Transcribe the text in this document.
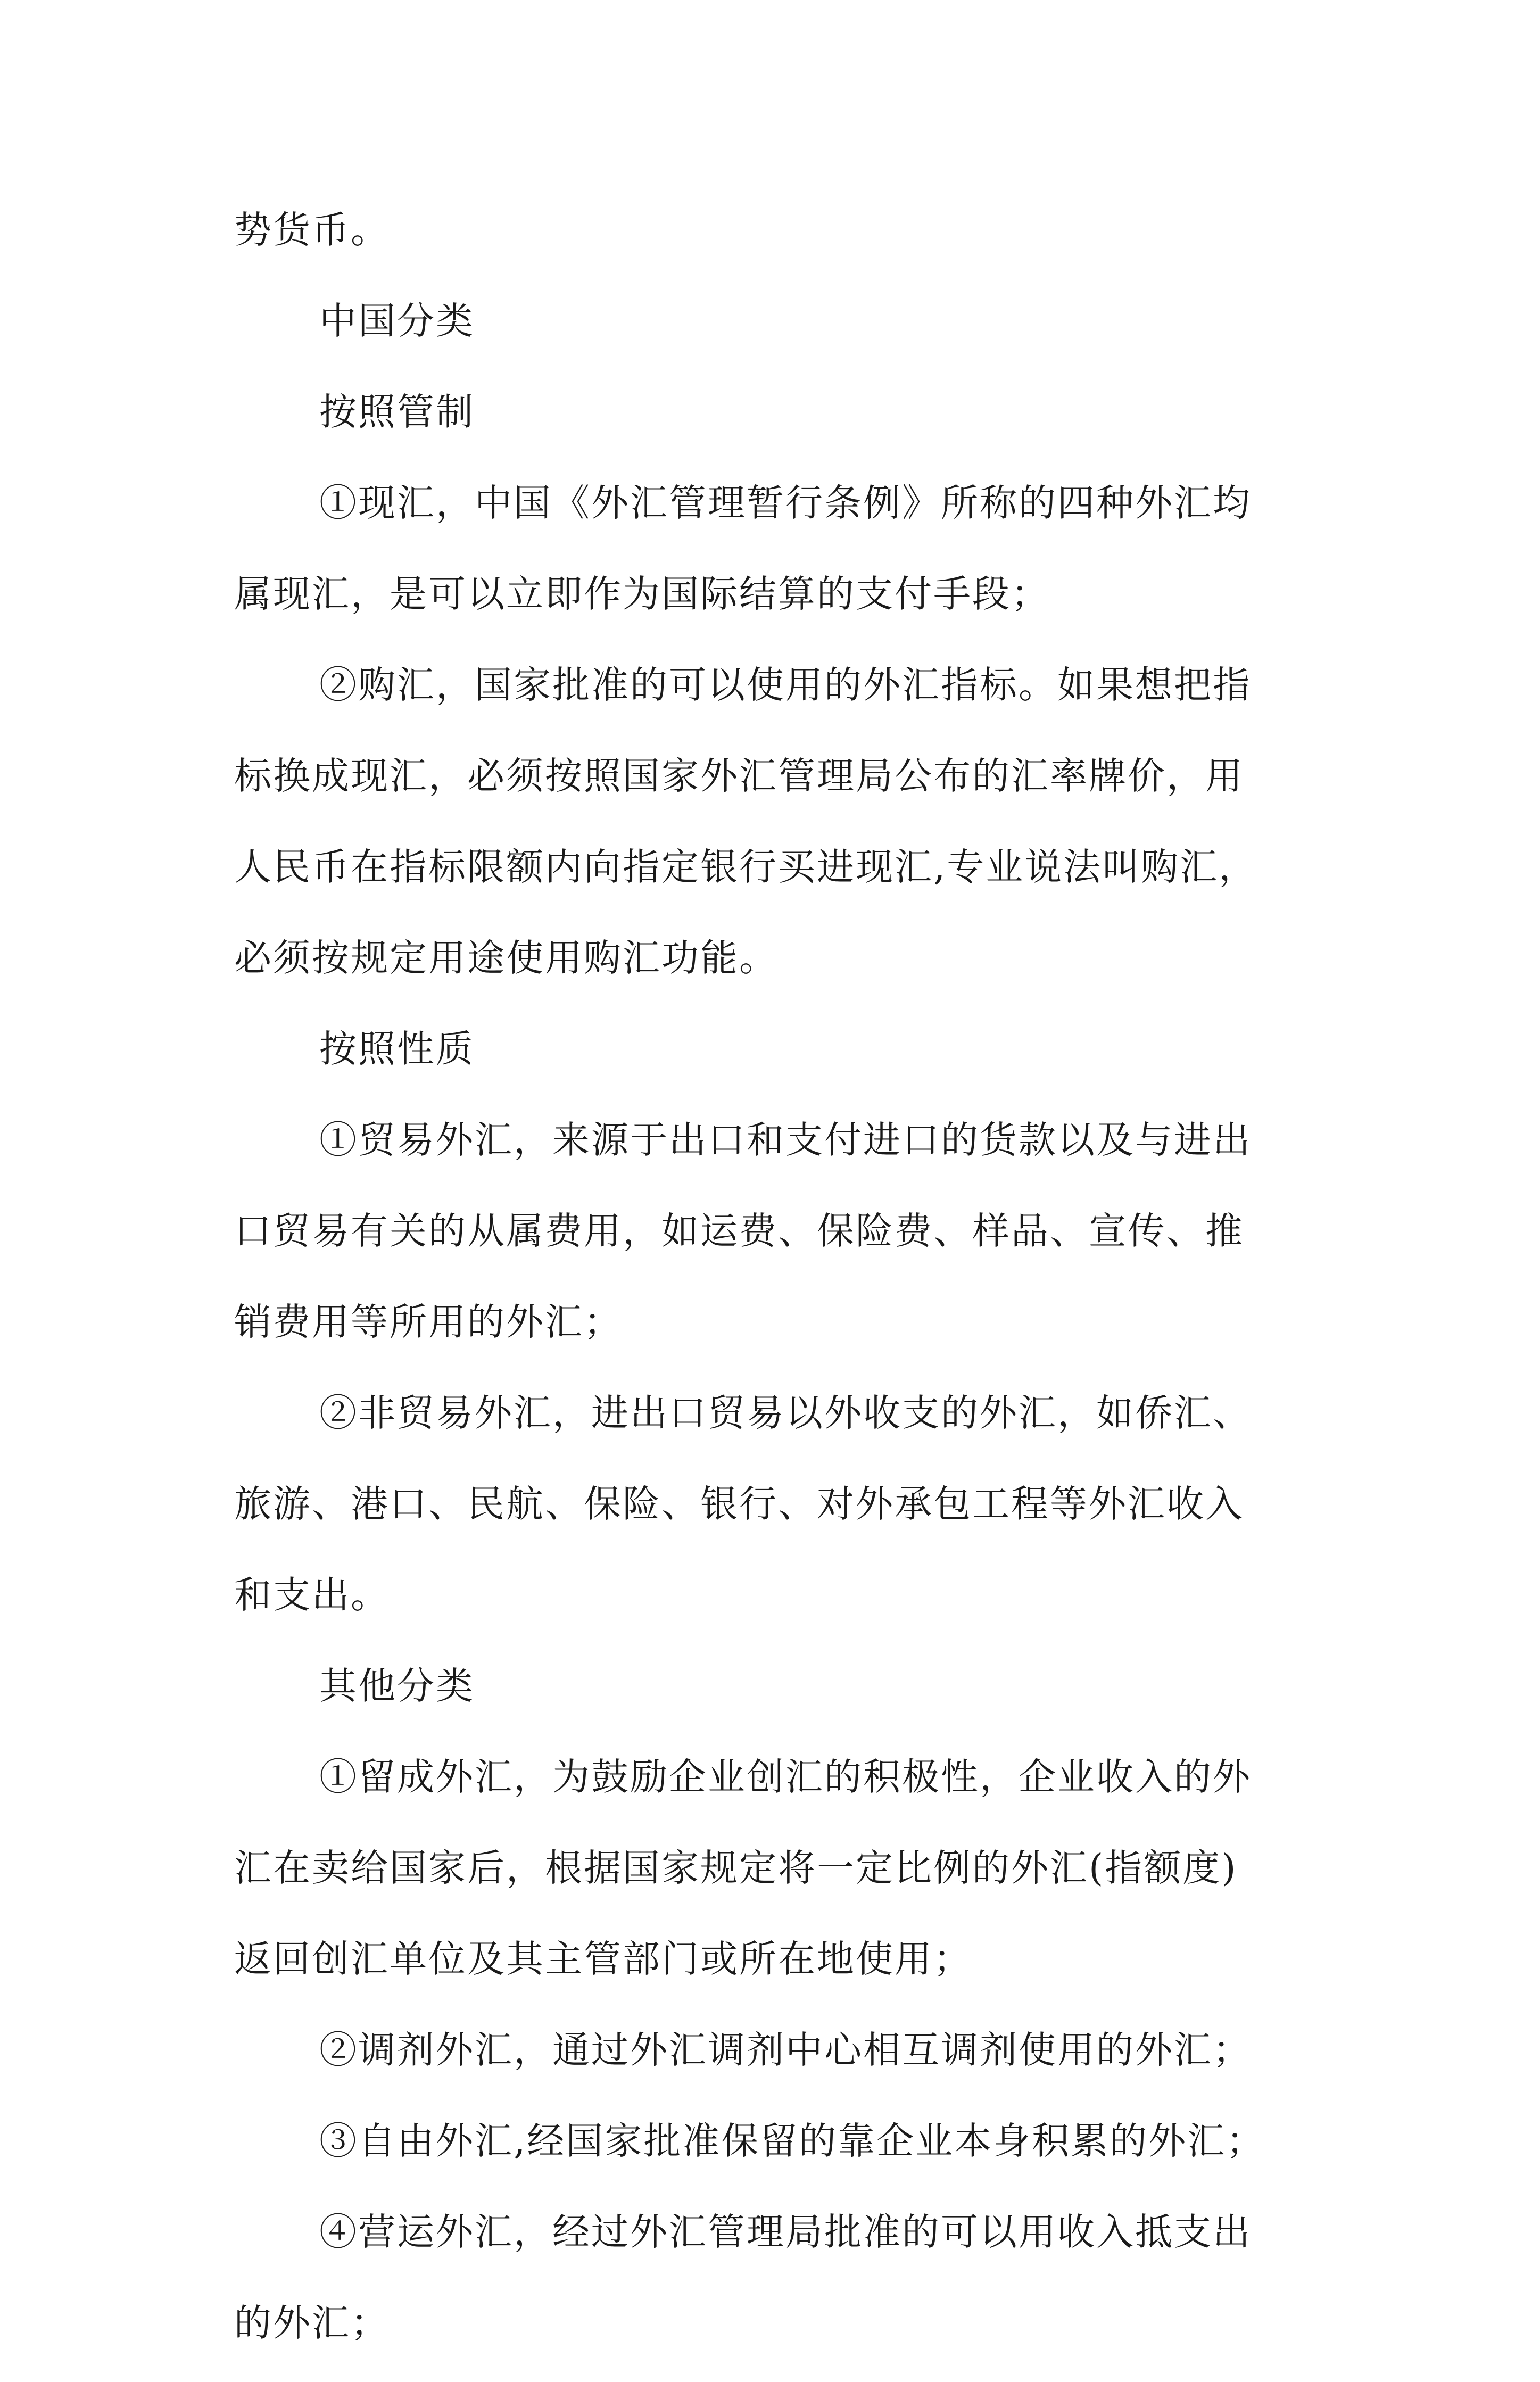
势货币。
中国分类
按照管制
①现汇，中国《外汇管理暂行条例》所称的四种外汇均
属现汇，是可以立即作为国际结算的支付手段；
②购汇，国家批准的可以使用的外汇指标。如果想把指
标换成现汇，必须按照国家外汇管理局公布的汇率牌价，用
人民币在指标限额内向指定银行买进现汇,专业说法叫购汇，
必须按规定用途使用购汇功能。
按照性质
①贸易外汇，来源于出口和支付进口的货款以及与进出
口贸易有关的从属费用，如运费、保险费、样品、宣传、推
销费用等所用的外汇；
②非贸易外汇，进出口贸易以外收支的外汇，如侨汇、
旅游、港口、民航、保险、银行、对外承包工程等外汇收入
和支出。
其他分类
①留成外汇，为鼓励企业创汇的积极性，企业收入的外
汇在卖给国家后，根据国家规定将一定比例的外汇(指额度)
返回创汇单位及其主管部门或所在地使用；
②调剂外汇，通过外汇调剂中心相互调剂使用的外汇；
③自由外汇,经国家批准保留的靠企业本身积累的外汇；
④营运外汇，经过外汇管理局批准的可以用收入抵支出
的外汇；
